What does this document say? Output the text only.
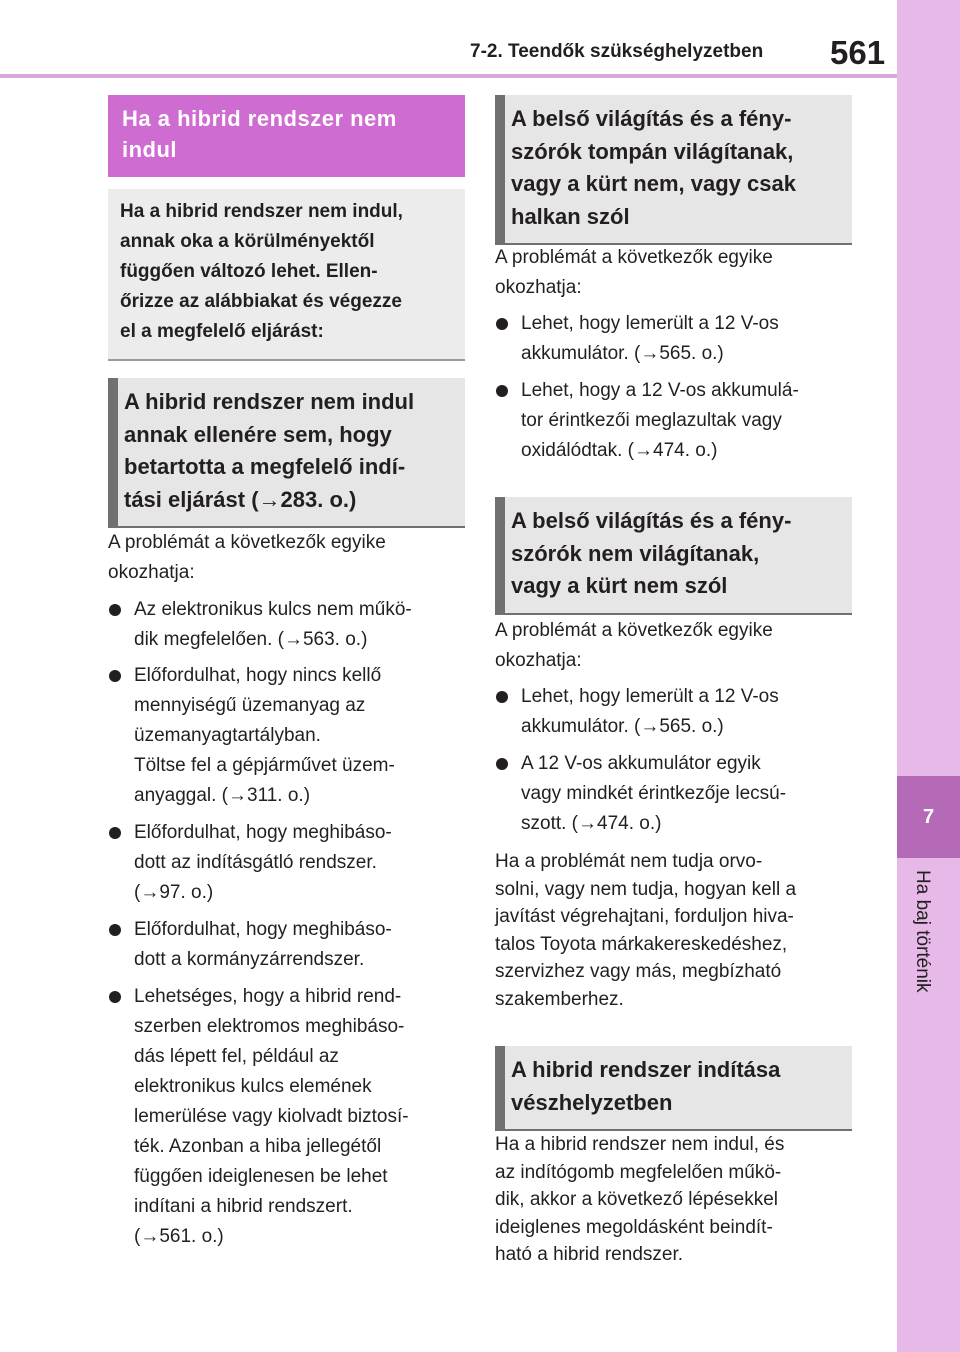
7-2. Teendők szükséghelyzetben 561
7
Ha baj történik
Ha a hibrid rendszer nem
indul
Ha a hibrid rendszer nem indul,
annak oka a körülményektől
függően változó lehet. Ellen-
őrizze az alábbiakat és végezze
el a megfelelő eljárást:
A hibrid rendszer nem indul
annak ellenére sem, hogy
betartotta a megfelelő indí-
tási eljárást (→283. o.)
A problémát a következők egyike
okozhatja:
Az elektronikus kulcs nem műkö-
dik megfelelően. (→563. o.)
Előfordulhat, hogy nincs kellő
mennyiségű üzemanyag az
üzemanyagtartályban.
Töltse fel a gépjárművet üzem-
anyaggal. (→311. o.)
Előfordulhat, hogy meghibáso-
dott az indításgátló rendszer.
(→97. o.)
Előfordulhat, hogy meghibáso-
dott a kormányzárrendszer.
Lehetséges, hogy a hibrid rend-
szerben elektromos meghibáso-
dás lépett fel, például az
elektronikus kulcs elemének
lemerülése vagy kiolvadt biztosí-
ték. Azonban a hiba jellegétől
függően ideiglenesen be lehet
indítani a hibrid rendszert.
(→561. o.)
A belső világítás és a fény-
szórók tompán világítanak,
vagy a kürt nem, vagy csak
halkan szól
A problémát a következők egyike
okozhatja:
Lehet, hogy lemerült a 12 V-os
akkumulátor. (→565. o.)
Lehet, hogy a 12 V-os akkumulá-
tor érintkezői meglazultak vagy
oxidálódtak. (→474. o.)
A belső világítás és a fény-
szórók nem világítanak,
vagy a kürt nem szól
A problémát a következők egyike
okozhatja:
Lehet, hogy lemerült a 12 V-os
akkumulátor. (→565. o.)
A 12 V-os akkumulátor egyik
vagy mindkét érintkezője lecsú-
szott. (→474. o.)
Ha a problémát nem tudja orvo-
solni, vagy nem tudja, hogyan kell a
javítást végrehajtani, forduljon hiva-
talos Toyota márkakereskedéshez,
szervizhez vagy más, megbízható
szakemberhez.
A hibrid rendszer indítása
vészhelyzetben
Ha a hibrid rendszer nem indul, és
az indítógomb megfelelően műkö-
dik, akkor a következő lépésekkel
ideiglenes megoldásként beindít-
ható a hibrid rendszer.
